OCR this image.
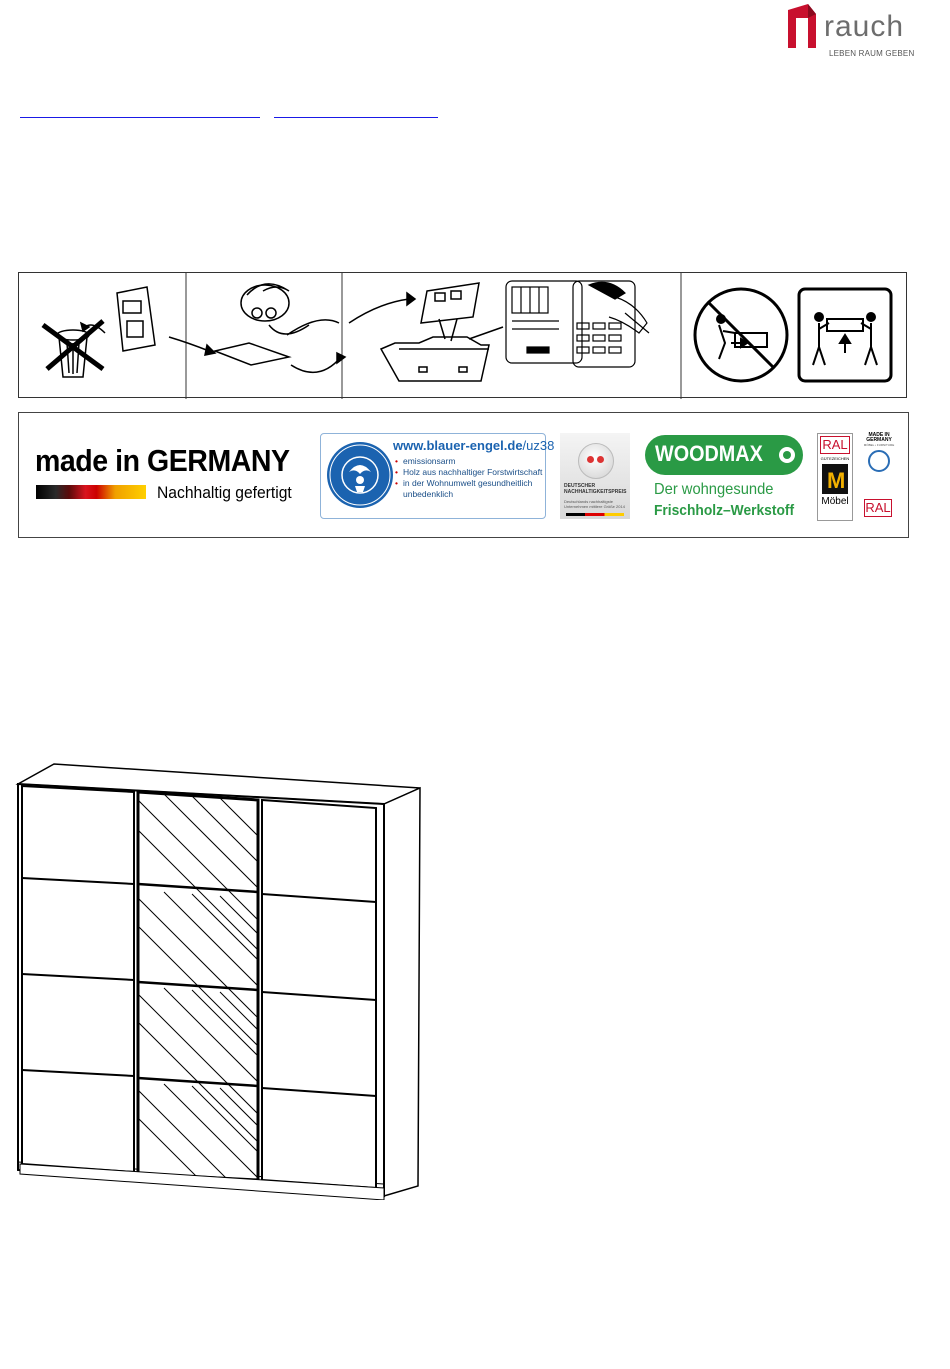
rauch
LEBEN RAUM GEBEN
made in GERMANY
Nachhaltig gefertigt
www.blauer-engel.de/uz38
• emissionsarm
• Holz aus nachhaltiger Forstwirtschaft
• in der Wohnumwelt gesundheitlich unbedenklich
DEUTSCHER NACHHALTIGKEITSPREIS
Deutschlands nachhaltigste Unternehmen mittlere Größe 2014
WOODMAX
Der wohngesunde
Frischholz–Werkstoff
RAL
GÜTEZEICHEN
M
Möbel
MADE IN GERMANY
MÖBEL • FURNITURE
RAL
